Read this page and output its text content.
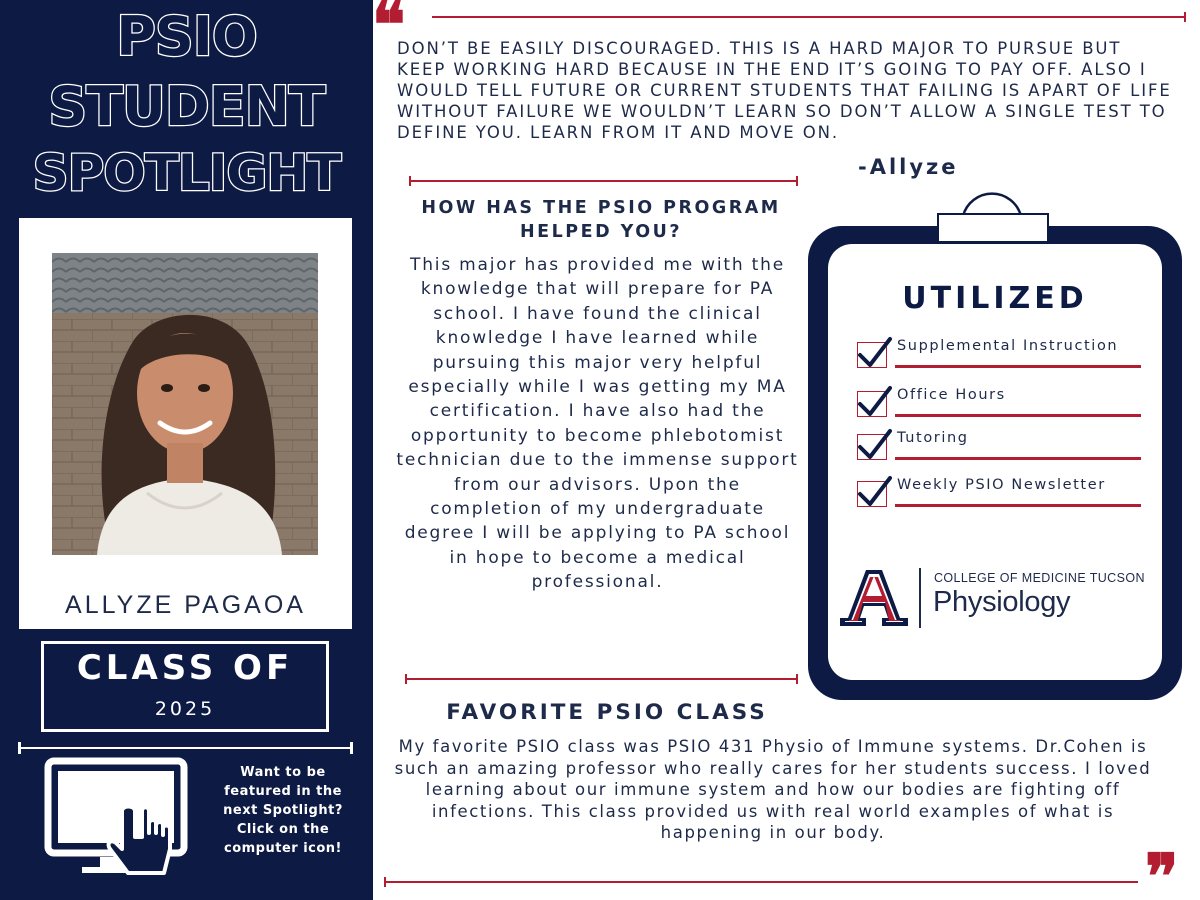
PSIO
STUDENT
SPOTLIGHT
ALLYZE PAGAOA
CLASS OF
2025
Want to be featured in the next Spotlight? Click on the computer icon!
❝
DON’T BE EASILY DISCOURAGED. THIS IS A HARD MAJOR TO PURSUE BUT KEEP WORKING HARD BECAUSE IN THE END IT’S GOING TO PAY OFF. ALSO I WOULD TELL FUTURE OR CURRENT STUDENTS THAT FAILING IS APART OF LIFE WITHOUT FAILURE WE WOULDN’T LEARN SO DON’T ALLOW A SINGLE TEST TO DEFINE YOU. LEARN FROM IT AND MOVE ON.
-Allyze
HOW HAS THE PSIO PROGRAM HELPED YOU?
This major has provided me with the knowledge that will prepare for PA school. I have found the clinical knowledge I have learned while pursuing this major very helpful especially while I was getting my MA certification. I have also had the opportunity to become phlebotomist technician due to the immense support from our advisors. Upon the completion of my undergraduate degree I will be applying to PA school in hope to become a medical professional.
UTILIZED
Supplemental Instruction
Office Hours
Tutoring
Weekly PSIO Newsletter
COLLEGE OF MEDICINE TUCSON
Physiology
FAVORITE PSIO CLASS
My favorite PSIO class was PSIO 431 Physio of Immune systems. Dr.Cohen is such an amazing professor who really cares for her students success. I loved learning about our immune system and how our bodies are fighting off infections. This class provided us with real world examples of what is happening in our body.
❞
